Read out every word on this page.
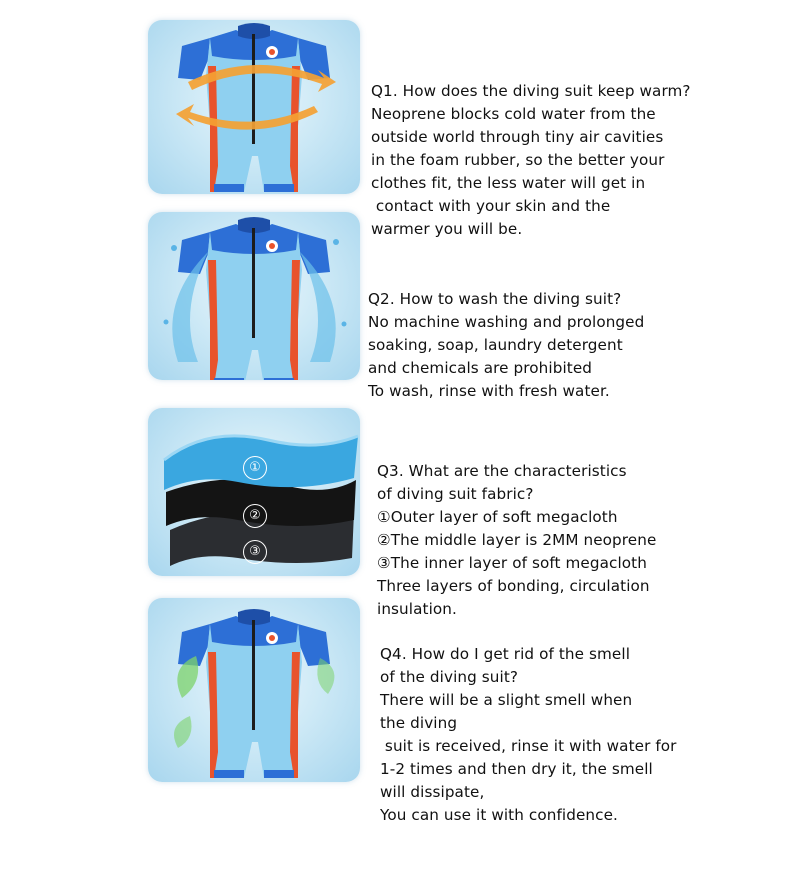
Q1. How does the diving suit keep warm?
Neoprene blocks cold water from the
outside world through tiny air cavities
in the foam rubber, so the better your
clothes fit, the less water will get in
contact with your skin and the
warmer you will be.

Q2. How to wash the diving suit?
No machine washing and prolonged
soaking, soap, laundry detergent
and chemicals are prohibited
To wash, rinse with fresh water.

①
②
③

Q3. What are the characteristics
of diving suit fabric?
①Outer layer of soft megacloth
②The middle layer is 2MM neoprene
③The inner layer of soft megacloth
Three layers of bonding, circulation
insulation.

Q4. How do I get rid of the smell
of the diving suit?
There will be a slight smell when
the diving
suit is received, rinse it with water for
1-2 times and then dry it, the smell
will dissipate,
You can use it with confidence.
